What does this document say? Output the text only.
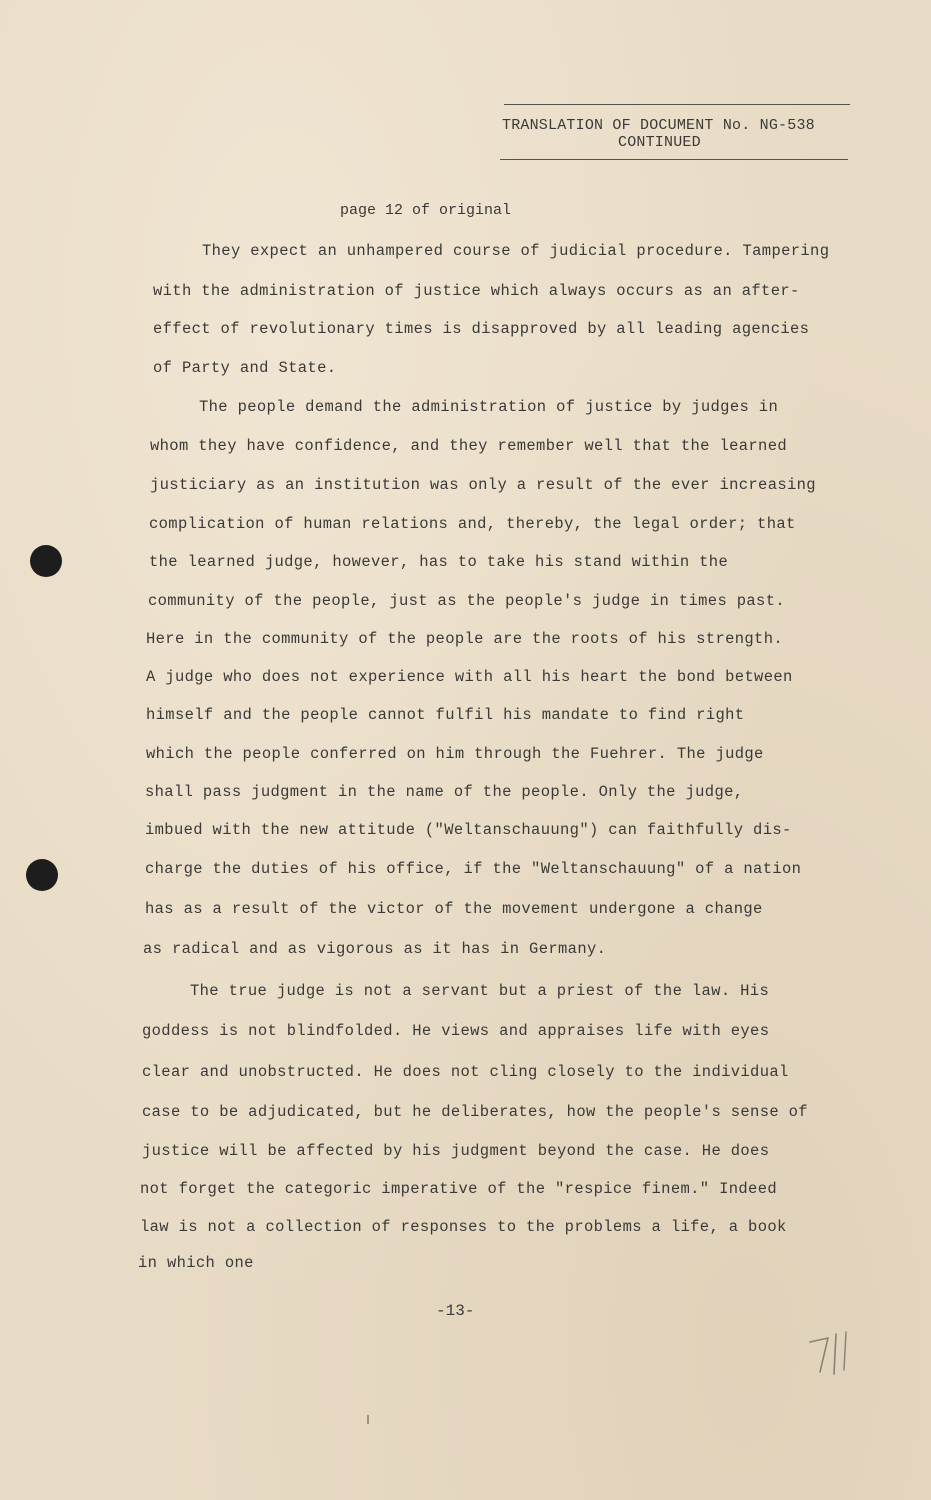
TRANSLATION OF DOCUMENT No. NG-538
CONTINUED
page 12 of original
They expect an unhampered course of judicial procedure. Tampering
with the administration of justice which always occurs as an after-
effect of revolutionary times is disapproved by all leading agencies
of Party and State.
The people demand the administration of justice by judges in
whom they have confidence, and they remember well that the learned
justiciary as an institution was only a result of the ever increasing
complication of human relations and, thereby, the legal order; that
the learned judge, however, has to take his stand within the
community of the people, just as the people's judge in times past.
Here in the community of the people are the roots of his strength.
A judge who does not experience with all his heart the bond between
himself and the people cannot fulfil his mandate to find right
which the people conferred on him through the Fuehrer. The judge
shall pass judgment in the name of the people. Only the judge,
imbued with the new attitude ("Weltanschauung") can faithfully dis-
charge the duties of his office, if the "Weltanschauung" of a nation
has as a result of the victor of the movement undergone a change
as radical and as vigorous as it has in Germany.
The true judge is not a servant but a priest of the law. His
goddess is not blindfolded. He views and appraises life with eyes
clear and unobstructed. He does not cling closely to the individual
case to be adjudicated, but he deliberates, how the people's sense of
justice will be affected by his judgment beyond the case. He does
not forget the categoric imperative of the "respice finem." Indeed
law is not a collection of responses to the problems a life, a book
in which one
-13-
